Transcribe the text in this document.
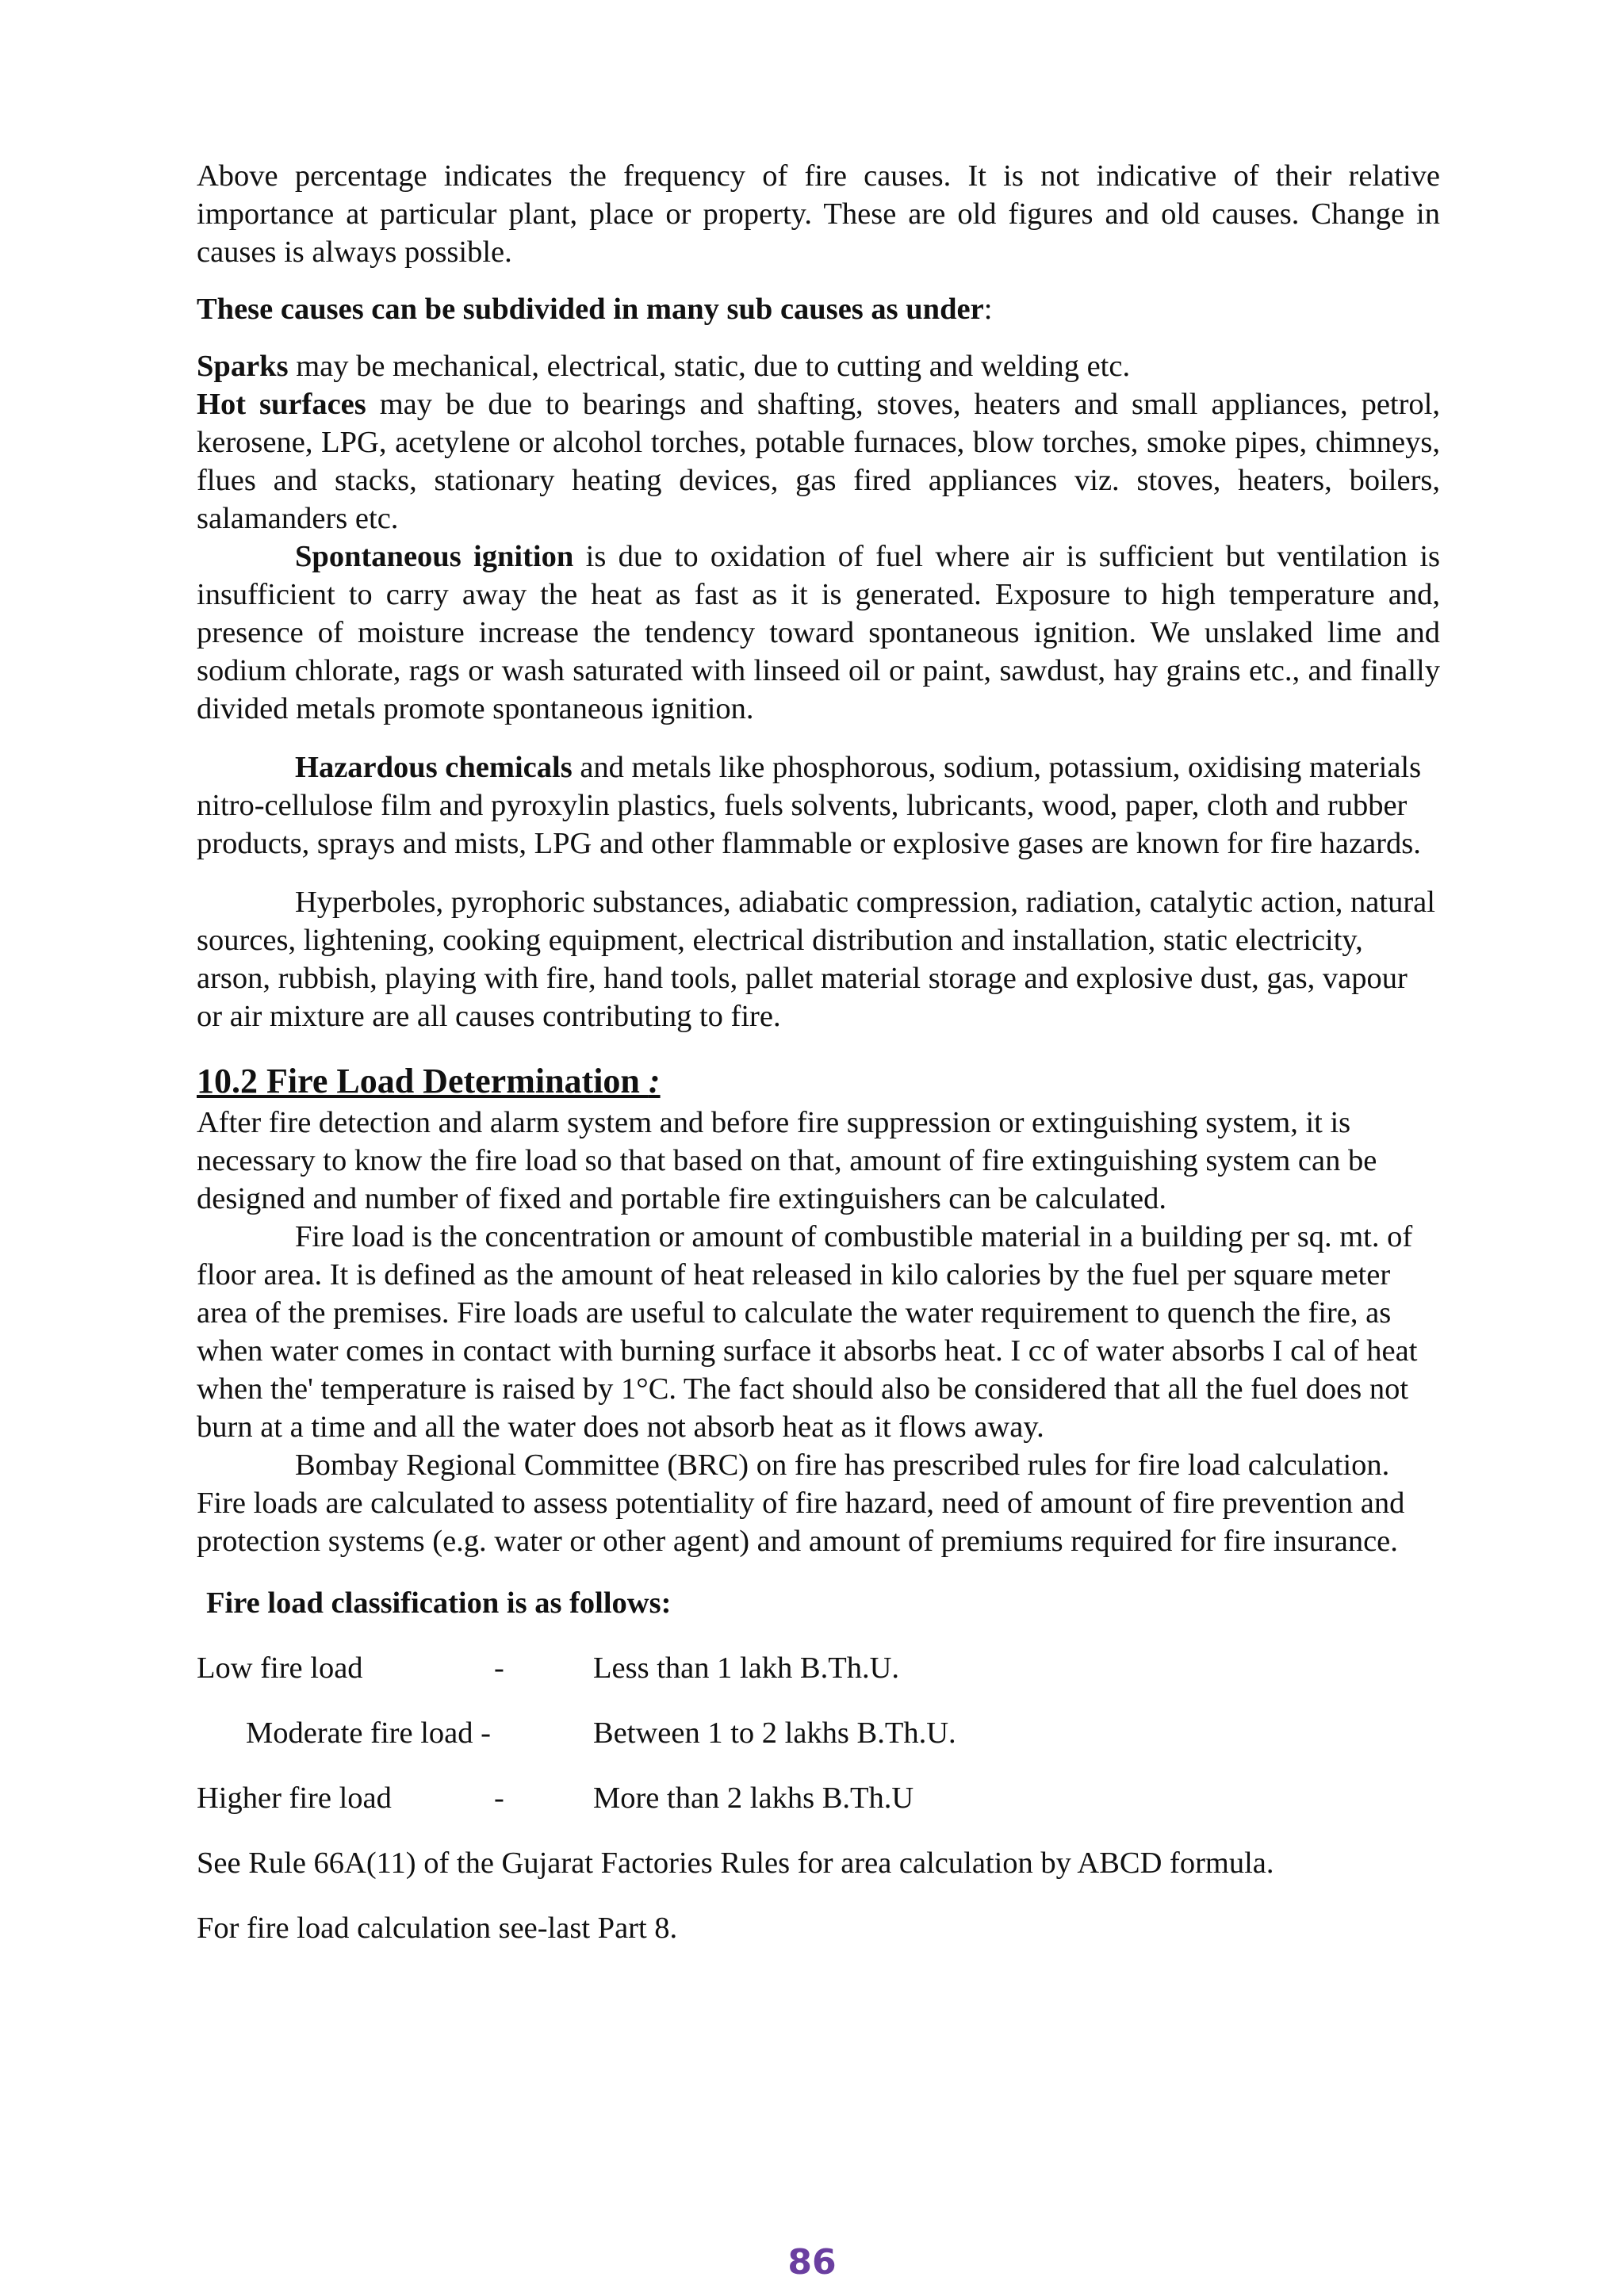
Above percentage indicates the frequency of fire causes. It is not indicative of their relative importance at particular plant, place or property. These are old figures and old causes. Change in causes is always possible.

These causes can be subdivided in many sub causes as under:

Sparks may be mechanical, electrical, static, due to cutting and welding etc.

Hot surfaces may be due to bearings and shafting, stoves, heaters and small appliances, petrol, kerosene, LPG, acetylene or alcohol torches, potable furnaces, blow torches, smoke pipes, chimneys, flues and stacks, stationary heating devices, gas fired appliances viz. stoves, heaters, boilers, salamanders etc.

Spontaneous ignition is due to oxidation of fuel where air is sufficient but ventilation is insufficient to carry away the heat as fast as it is generated. Exposure to high temperature and, presence of moisture increase the tendency toward spontaneous ignition. We unslaked lime and sodium chlorate, rags or wash saturated with linseed oil or paint, sawdust, hay grains etc., and finally divided metals promote spontaneous ignition.

Hazardous chemicals and metals like phosphorous, sodium, potassium, oxidising materials nitro-cellulose film and pyroxylin plastics, fuels solvents, lubricants, wood, paper, cloth and rubber products, sprays and mists, LPG and other flammable or explosive gases are known for fire hazards.

Hyperboles, pyrophoric substances, adiabatic compression, radiation, catalytic action, natural sources, lightening, cooking equipment, electrical distribution and installation, static electricity, arson, rubbish, playing with fire, hand tools, pallet material storage and explosive dust, gas, vapour or air mixture are all causes contributing to fire.

10.2 Fire Load Determination :

After fire detection and alarm system and before fire suppression or extinguishing system, it is necessary to know the fire load so that based on that, amount of fire extinguishing system can be designed and number of fixed and portable fire extinguishers can be calculated.

Fire load is the concentration or amount of combustible material in a building per sq. mt. of floor area. It is defined as the amount of heat released in kilo calories by the fuel per square meter area of the premises. Fire loads are useful to calculate the water requirement to quench the fire, as when water comes in contact with burning surface it absorbs heat. I cc of water absorbs I cal of heat when the' temperature is raised by 1°C. The fact should also be considered that all the fuel does not burn at a time and all the water does not absorb heat as it flows away.

Bombay Regional Committee (BRC) on fire has prescribed rules for fire load calculation. Fire loads are calculated to assess potentiality of fire hazard, need of amount of fire prevention and protection systems (e.g. water or other agent) and amount of premiums required for fire insurance.

Fire load classification is as follows:

Low fire load	-	Less than 1 lakh B.Th.U.
Moderate fire load -	Between 1 to 2 lakhs B.Th.U.
Higher fire load	-	More than 2 lakhs B.Th.U

See Rule 66A(11) of the Gujarat Factories Rules for area calculation by ABCD formula.

For fire load calculation see-last Part 8.

86
